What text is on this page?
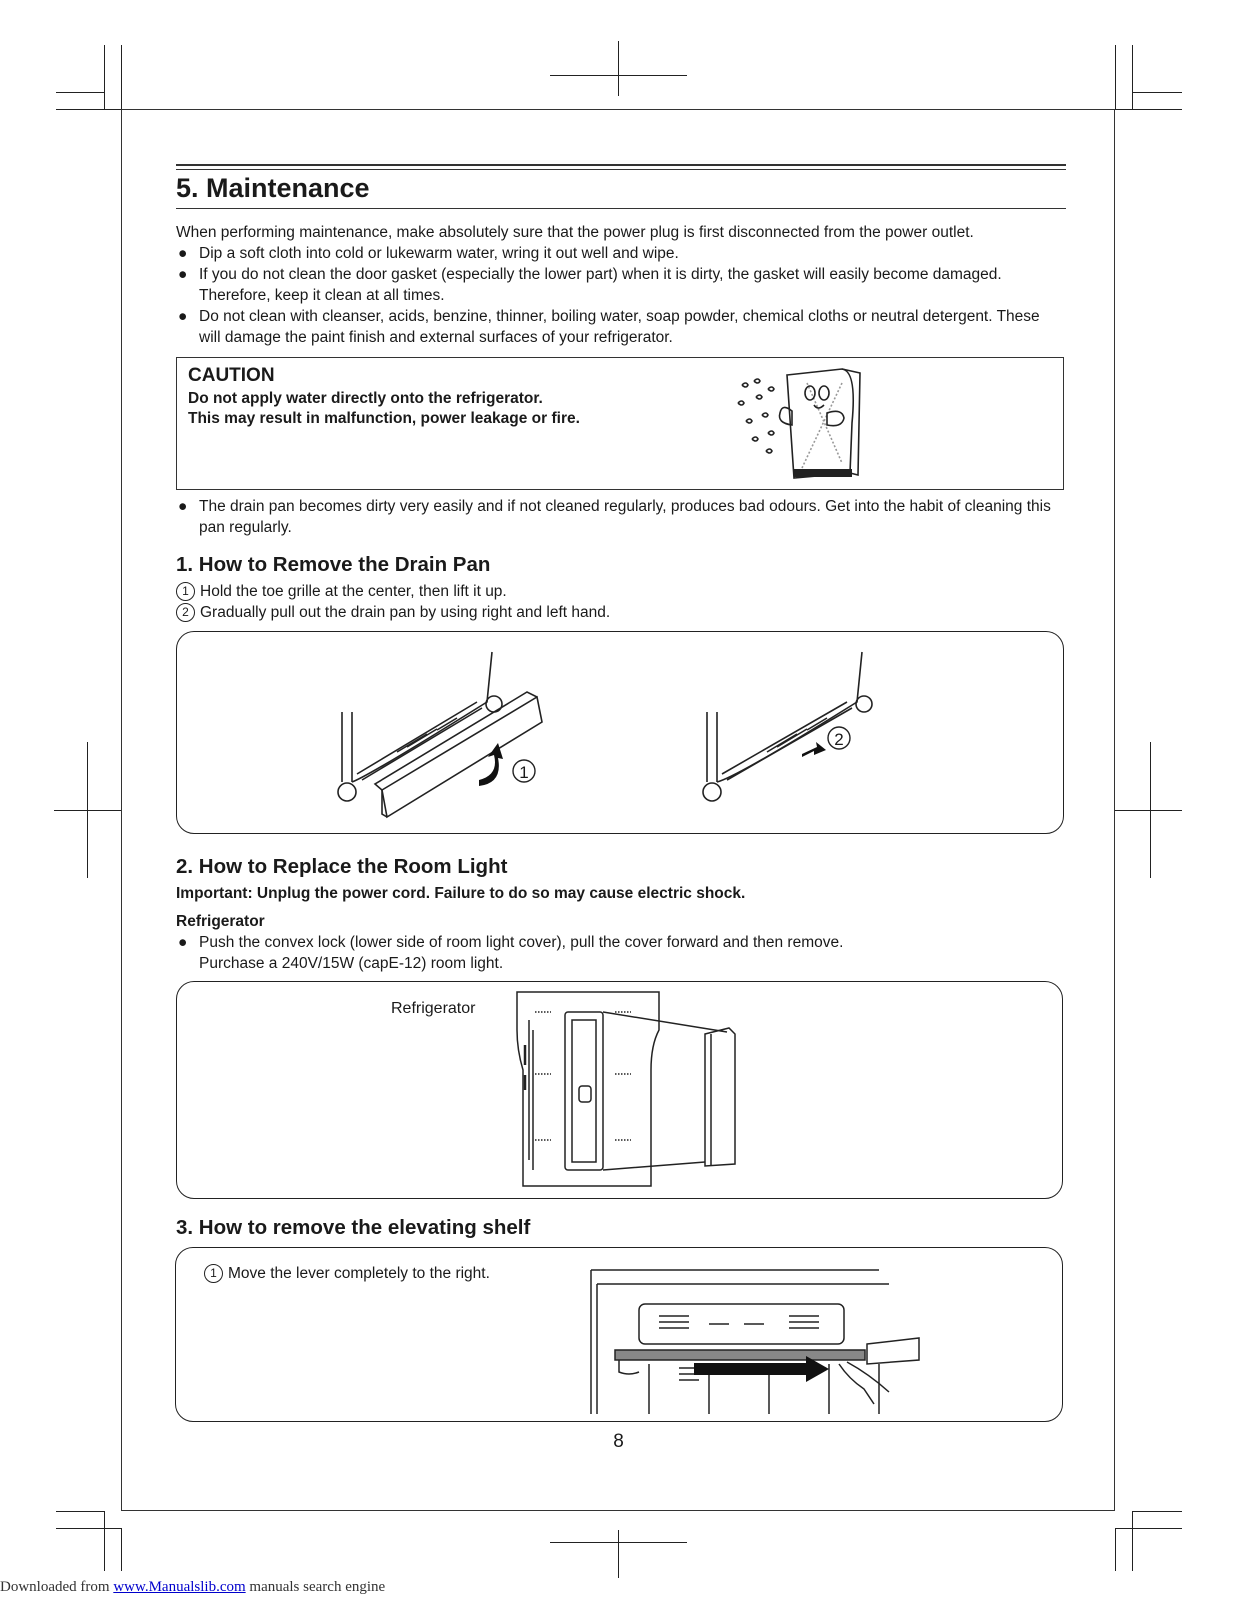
5. Maintenance

When performing maintenance, make absolutely sure that the power plug is first disconnected from the power outlet.

● Dip a soft cloth into cold or lukewarm water, wring it out well and wipe.
● If you do not clean the door gasket (especially the lower part) when it is dirty, the gasket will easily become damaged. Therefore, keep it clean at all times.
● Do not clean with cleanser, acids, benzine, thinner, boiling water, soap powder, chemical cloths or neutral detergent. These will damage the paint finish and external surfaces of your refrigerator.
CAUTION
Do not apply water directly onto the refrigerator.
This may result in malfunction, power leakage or fire.
● The drain pan becomes dirty very easily and if not cleaned regularly, produces bad odours. Get into the habit of cleaning this pan regularly.
1. How to Remove the Drain Pan
1 Hold the toe grille at the center, then lift it up.
2 Gradually pull out the drain pan by using right and left hand.
1
2
2. How to Replace the Room Light
Important: Unplug the power cord. Failure to do so may cause electric shock.
Refrigerator
● Push the convex lock (lower side of room light cover), pull the cover forward and then remove.
Purchase a 240V/15W (capE-12) room light.
Refrigerator
3. How to remove the elevating shelf
1 Move the lever completely to the right.
8
Downloaded from www.Manualslib.com manuals search engine
